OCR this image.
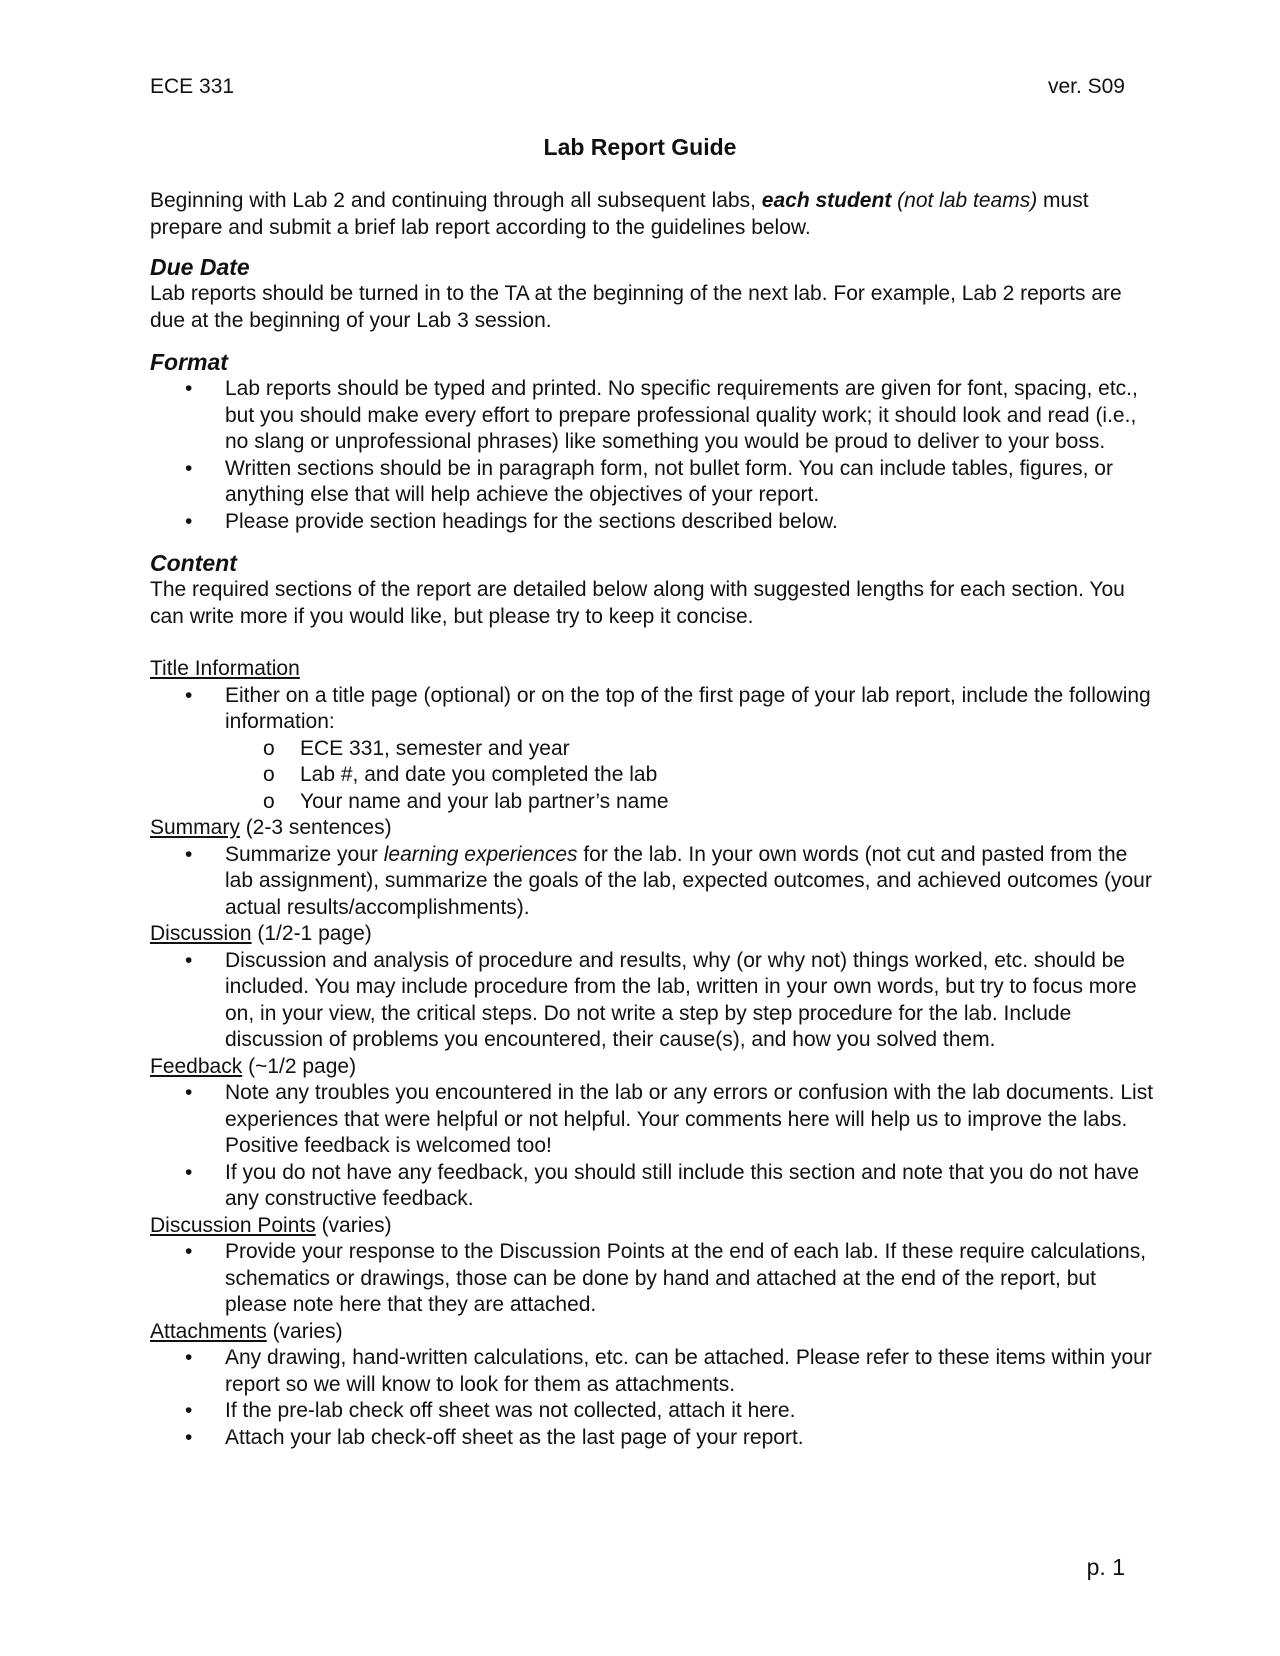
ECE 331	ver. S09
Lab Report Guide

Beginning with Lab 2 and continuing through all subsequent labs, each student (not lab teams) must prepare and submit a brief lab report according to the guidelines below.

Due Date

Lab reports should be turned in to the TA at the beginning of the next lab. For example, Lab 2 reports are due at the beginning of your Lab 3 session.

Format
• Lab reports should be typed and printed. No specific requirements are given for font, spacing, etc., but you should make every effort to prepare professional quality work; it should look and read (i.e., no slang or unprofessional phrases) like something you would be proud to deliver to your boss.
• Written sections should be in paragraph form, not bullet form. You can include tables, figures, or anything else that will help achieve the objectives of your report.
• Please provide section headings for the sections described below.
Content

The required sections of the report are detailed below along with suggested lengths for each section. You can write more if you would like, but please try to keep it concise.

Title Information

• Either on a title page (optional) or on the top of the first page of your lab report, include the following information:
o ECE 331, semester and year
o Lab #, and date you completed the lab
o Your name and your lab partner’s name

Summary (2-3 sentences)

• Summarize your learning experiences for the lab. In your own words (not cut and pasted from the lab assignment), summarize the goals of the lab, expected outcomes, and achieved outcomes (your actual results/accomplishments).

Discussion (1/2-1 page)

• Discussion and analysis of procedure and results, why (or why not) things worked, etc. should be included. You may include procedure from the lab, written in your own words, but try to focus more on, in your view, the critical steps. Do not write a step by step procedure for the lab. Include discussion of problems you encountered, their cause(s), and how you solved them.

Feedback (~1/2 page)

• Note any troubles you encountered in the lab or any errors or confusion with the lab documents. List experiences that were helpful or not helpful. Your comments here will help us to improve the labs. Positive feedback is welcomed too!
• If you do not have any feedback, you should still include this section and note that you do not have any constructive feedback.

Discussion Points (varies)

• Provide your response to the Discussion Points at the end of each lab. If these require calculations, schematics or drawings, those can be done by hand and attached at the end of the report, but please note here that they are attached.

Attachments (varies)

• Any drawing, hand-written calculations, etc. can be attached. Please refer to these items within your report so we will know to look for them as attachments.
• If the pre-lab check off sheet was not collected, attach it here.
• Attach your lab check-off sheet as the last page of your report.
p. 1
